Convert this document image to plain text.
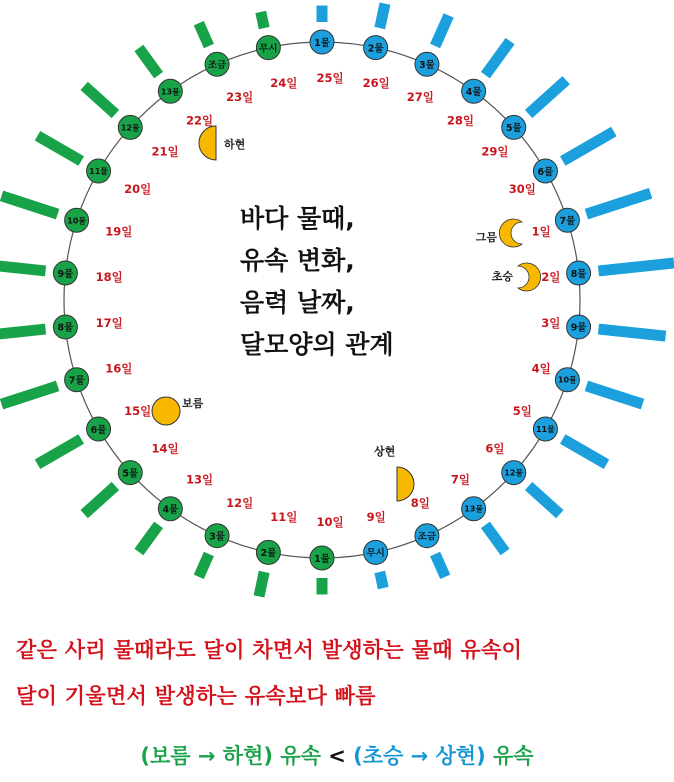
1물
2물
3물
4물
5물
6물
7물
8물
9물
10물
11물
12물
13물
조금
무시
1물
2물
3물
4물
5물
6물
7물
8물
9물
10물
11물
12물
13물
조금
무시
25일 26일
27일
28일
29일
30일
1일
2일
3일
4일
5일
6일
7일
8일
9일
10일
11일
12일
13일
14일
15일
16일
17일
18일
19일
20일
21일
22일
23일
24일
하현
그믐
초승
상현
보름
바다 물때,
유속 변화,
음력 날짜,
달모양의 관계
같은 사리 물때라도 달이 차면서 발생하는 물때 유속이
달이 기울면서 발생하는 유속보다 빠름
(보름 → 하현) 유속 < (초승 → 상현) 유속
